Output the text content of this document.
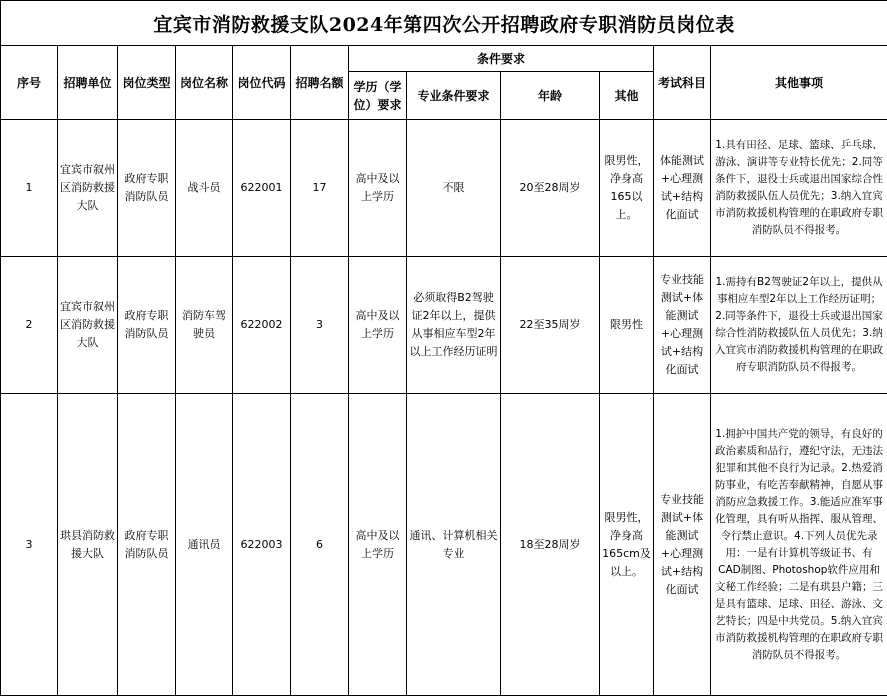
宜宾市消防救援支队2024年第四次公开招聘政府专职消防员岗位表											
序号	招聘单位	岗位类型	岗位名称	岗位代码	招聘名额	条件要求				考试科目	其他事项
						学历（学位）要求	专业条件要求	年龄	其他		
1	宜宾市叙州区消防救援大队	政府专职消防队员	战斗员	622001	17	高中及以上学历	不限	20至28周岁	限男性，净身高165以上。	体能测试+心理测试+结构化面试	1.具有田径、足球、篮球、乒乓球、游泳、演讲等专业特长优先；2.同等条件下，退役士兵或退出国家综合性消防救援队伍人员优先；3.纳入宜宾市消防救援机构管理的在职政府专职消防队员不得报考。
2	宜宾市叙州区消防救援大队	政府专职消防队员	消防车驾驶员	622002	3	高中及以上学历	必须取得B2驾驶证2年以上，提供从事相应车型2年以上工作经历证明	22至35周岁	限男性	专业技能测试+体能测试+心理测试+结构化面试	1.需持有B2驾驶证2年以上，提供从事相应车型2年以上工作经历证明；2.同等条件下，退役士兵或退出国家综合性消防救援队伍人员优先；3.纳入宜宾市消防救援机构管理的在职政府专职消防队员不得报考。
3	珙县消防救援大队	政府专职消防队员	通讯员	622003	6	高中及以上学历	通讯、计算机相关专业	18至28周岁	限男性，净身高165cm及以上。	专业技能测试+体能测试+心理测试+结构化面试	1.拥护中国共产党的领导，有良好的政治素质和品行，遵纪守法，无违法犯罪和其他不良行为记录。2.热爱消防事业，有吃苦奉献精神，自愿从事消防应急救援工作。3.能适应准军事化管理，具有听从指挥、服从管理、令行禁止意识。4.下列人员优先录用：一是有计算机等级证书、有CAD制图、Photoshop软件应用和文秘工作经验；二是有珙县户籍；三是具有篮球、足球、田径、游泳、文艺特长；四是中共党员。5.纳入宜宾市消防救援机构管理的在职政府专职消防队员不得报考。
